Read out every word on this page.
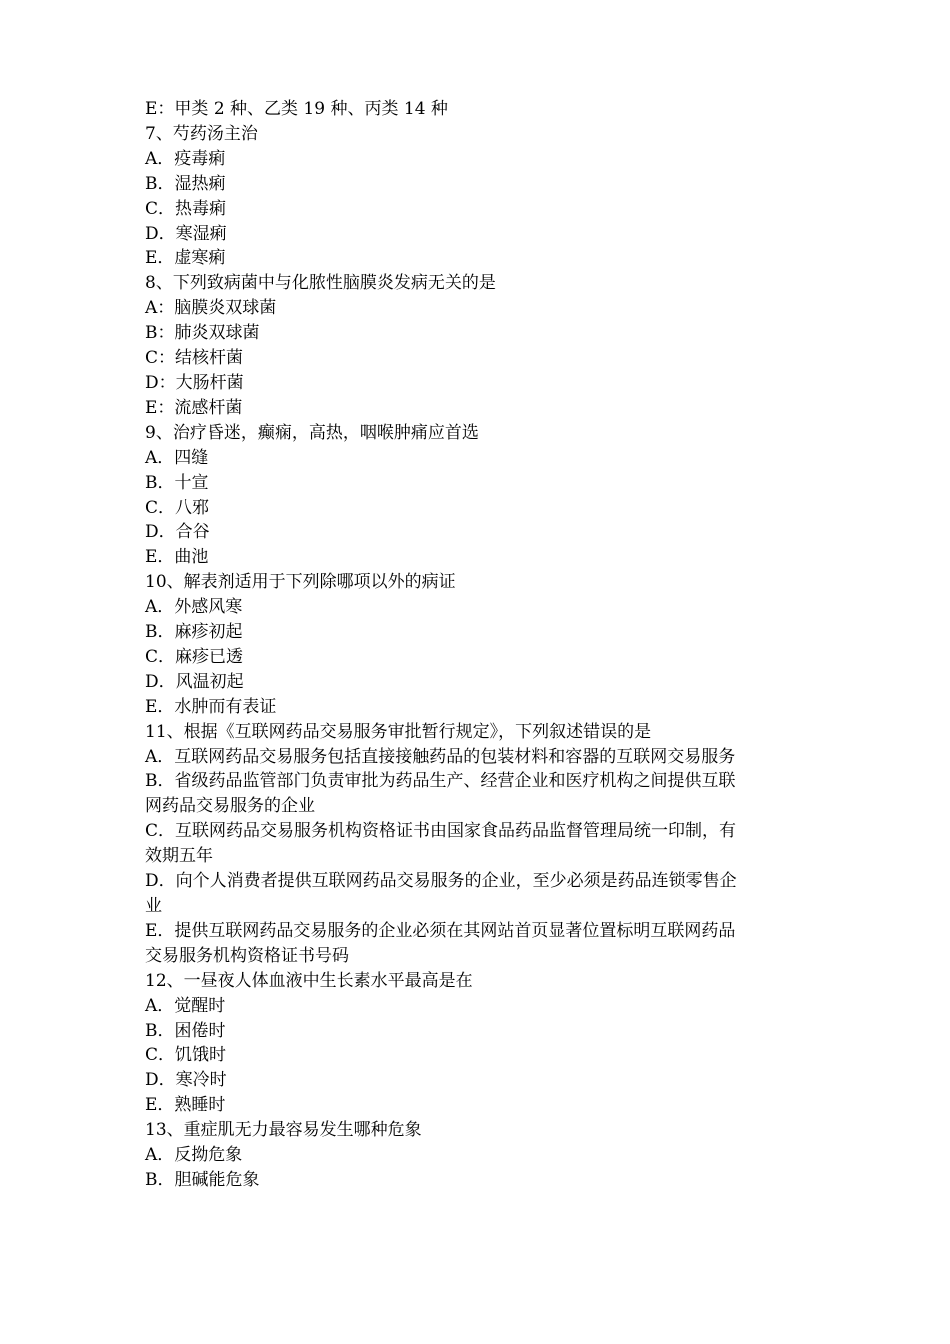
E：甲类 2 种、乙类 19 种、丙类 14 种
7、芍药汤主治
A．疫毒痢
B．湿热痢
C．热毒痢
D．寒湿痢
E．虚寒痢
8、下列致病菌中与化脓性脑膜炎发病无关的是
A：脑膜炎双球菌
B：肺炎双球菌
C：结核杆菌
D：大肠杆菌
E：流感杆菌
9、治疗昏迷，癫痫，高热，咽喉肿痛应首选
A．四缝
B．十宣
C．八邪
D．合谷
E．曲池
10、解表剂适用于下列除哪项以外的病证
A．外感风寒
B．麻疹初起
C．麻疹已透
D．风温初起
E．水肿而有表证
11、根据《互联网药品交易服务审批暂行规定》，下列叙述错误的是
A．互联网药品交易服务包括直接接触药品的包装材料和容器的互联网交易服务
B．省级药品监管部门负责审批为药品生产、经营企业和医疗机构之间提供互联
网药品交易服务的企业
C．互联网药品交易服务机构资格证书由国家食品药品监督管理局统一印制，有
效期五年
D．向个人消费者提供互联网药品交易服务的企业，至少必须是药品连锁零售企
业
E．提供互联网药品交易服务的企业必须在其网站首页显著位置标明互联网药品
交易服务机构资格证书号码
12、一昼夜人体血液中生长素水平最高是在
A．觉醒时
B．困倦时
C．饥饿时
D．寒冷时
E．熟睡时
13、重症肌无力最容易发生哪种危象
A．反拗危象
B．胆碱能危象
